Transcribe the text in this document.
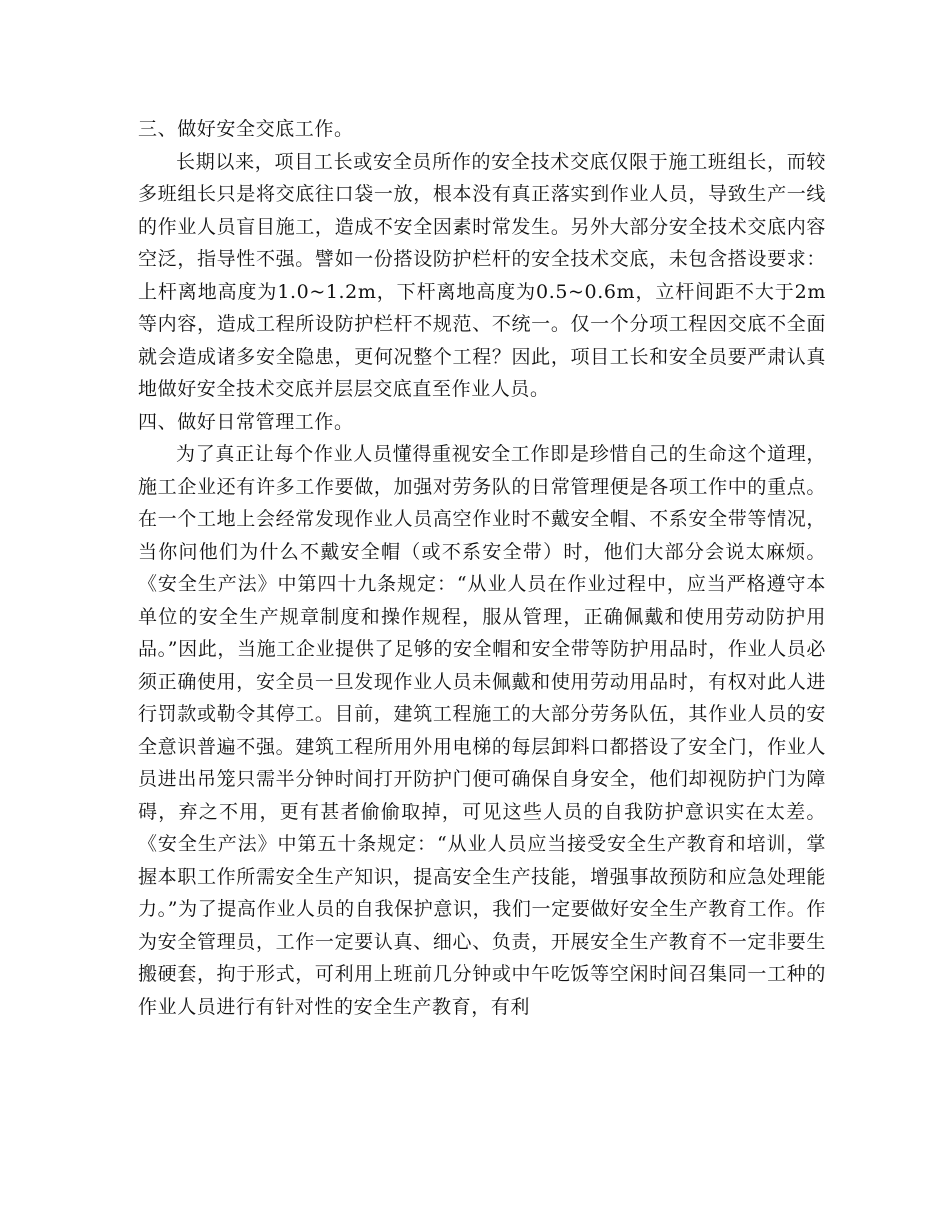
三、做好安全交底工作。

长期以来，项目工长或安全员所作的安全技术交底仅限于施工班组长，而较多班组长只是将交底往口袋一放，根本没有真正落实到作业人员，导致生产一线的作业人员盲目施工，造成不安全因素时常发生。另外大部分安全技术交底内容空泛，指导性不强。譬如一份搭设防护栏杆的安全技术交底，未包含搭设要求：上杆离地高度为1.0~1.2m，下杆离地高度为0.5~0.6m，立杆间距不大于2m等内容，造成工程所设防护栏杆不规范、不统一。仅一个分项工程因交底不全面就会造成诸多安全隐患，更何况整个工程？因此，项目工长和安全员要严肃认真地做好安全技术交底并层层交底直至作业人员。

四、做好日常管理工作。

为了真正让每个作业人员懂得重视安全工作即是珍惜自己的生命这个道理，施工企业还有许多工作要做，加强对劳务队的日常管理便是各项工作中的重点。在一个工地上会经常发现作业人员高空作业时不戴安全帽、不系安全带等情况，当你问他们为什么不戴安全帽（或不系安全带）时，他们大部分会说太麻烦。《安全生产法》中第四十九条规定：“从业人员在作业过程中，应当严格遵守本单位的安全生产规章制度和操作规程，服从管理，正确佩戴和使用劳动防护用品。”因此，当施工企业提供了足够的安全帽和安全带等防护用品时，作业人员必须正确使用，安全员一旦发现作业人员未佩戴和使用劳动用品时，有权对此人进行罚款或勒令其停工。目前，建筑工程施工的大部分劳务队伍，其作业人员的安全意识普遍不强。建筑工程所用外用电梯的每层卸料口都搭设了安全门，作业人员进出吊笼只需半分钟时间打开防护门便可确保自身安全，他们却视防护门为障碍，弃之不用，更有甚者偷偷取掉，可见这些人员的自我防护意识实在太差。《安全生产法》中第五十条规定：“从业人员应当接受安全生产教育和培训，掌握本职工作所需安全生产知识，提高安全生产技能，增强事故预防和应急处理能力。”为了提高作业人员的自我保护意识，我们一定要做好安全生产教育工作。作为安全管理员，工作一定要认真、细心、负责，开展安全生产教育不一定非要生搬硬套，拘于形式，可利用上班前几分钟或中午吃饭等空闲时间召集同一工种的作业人员进行有针对性的安全生产教育，有利
